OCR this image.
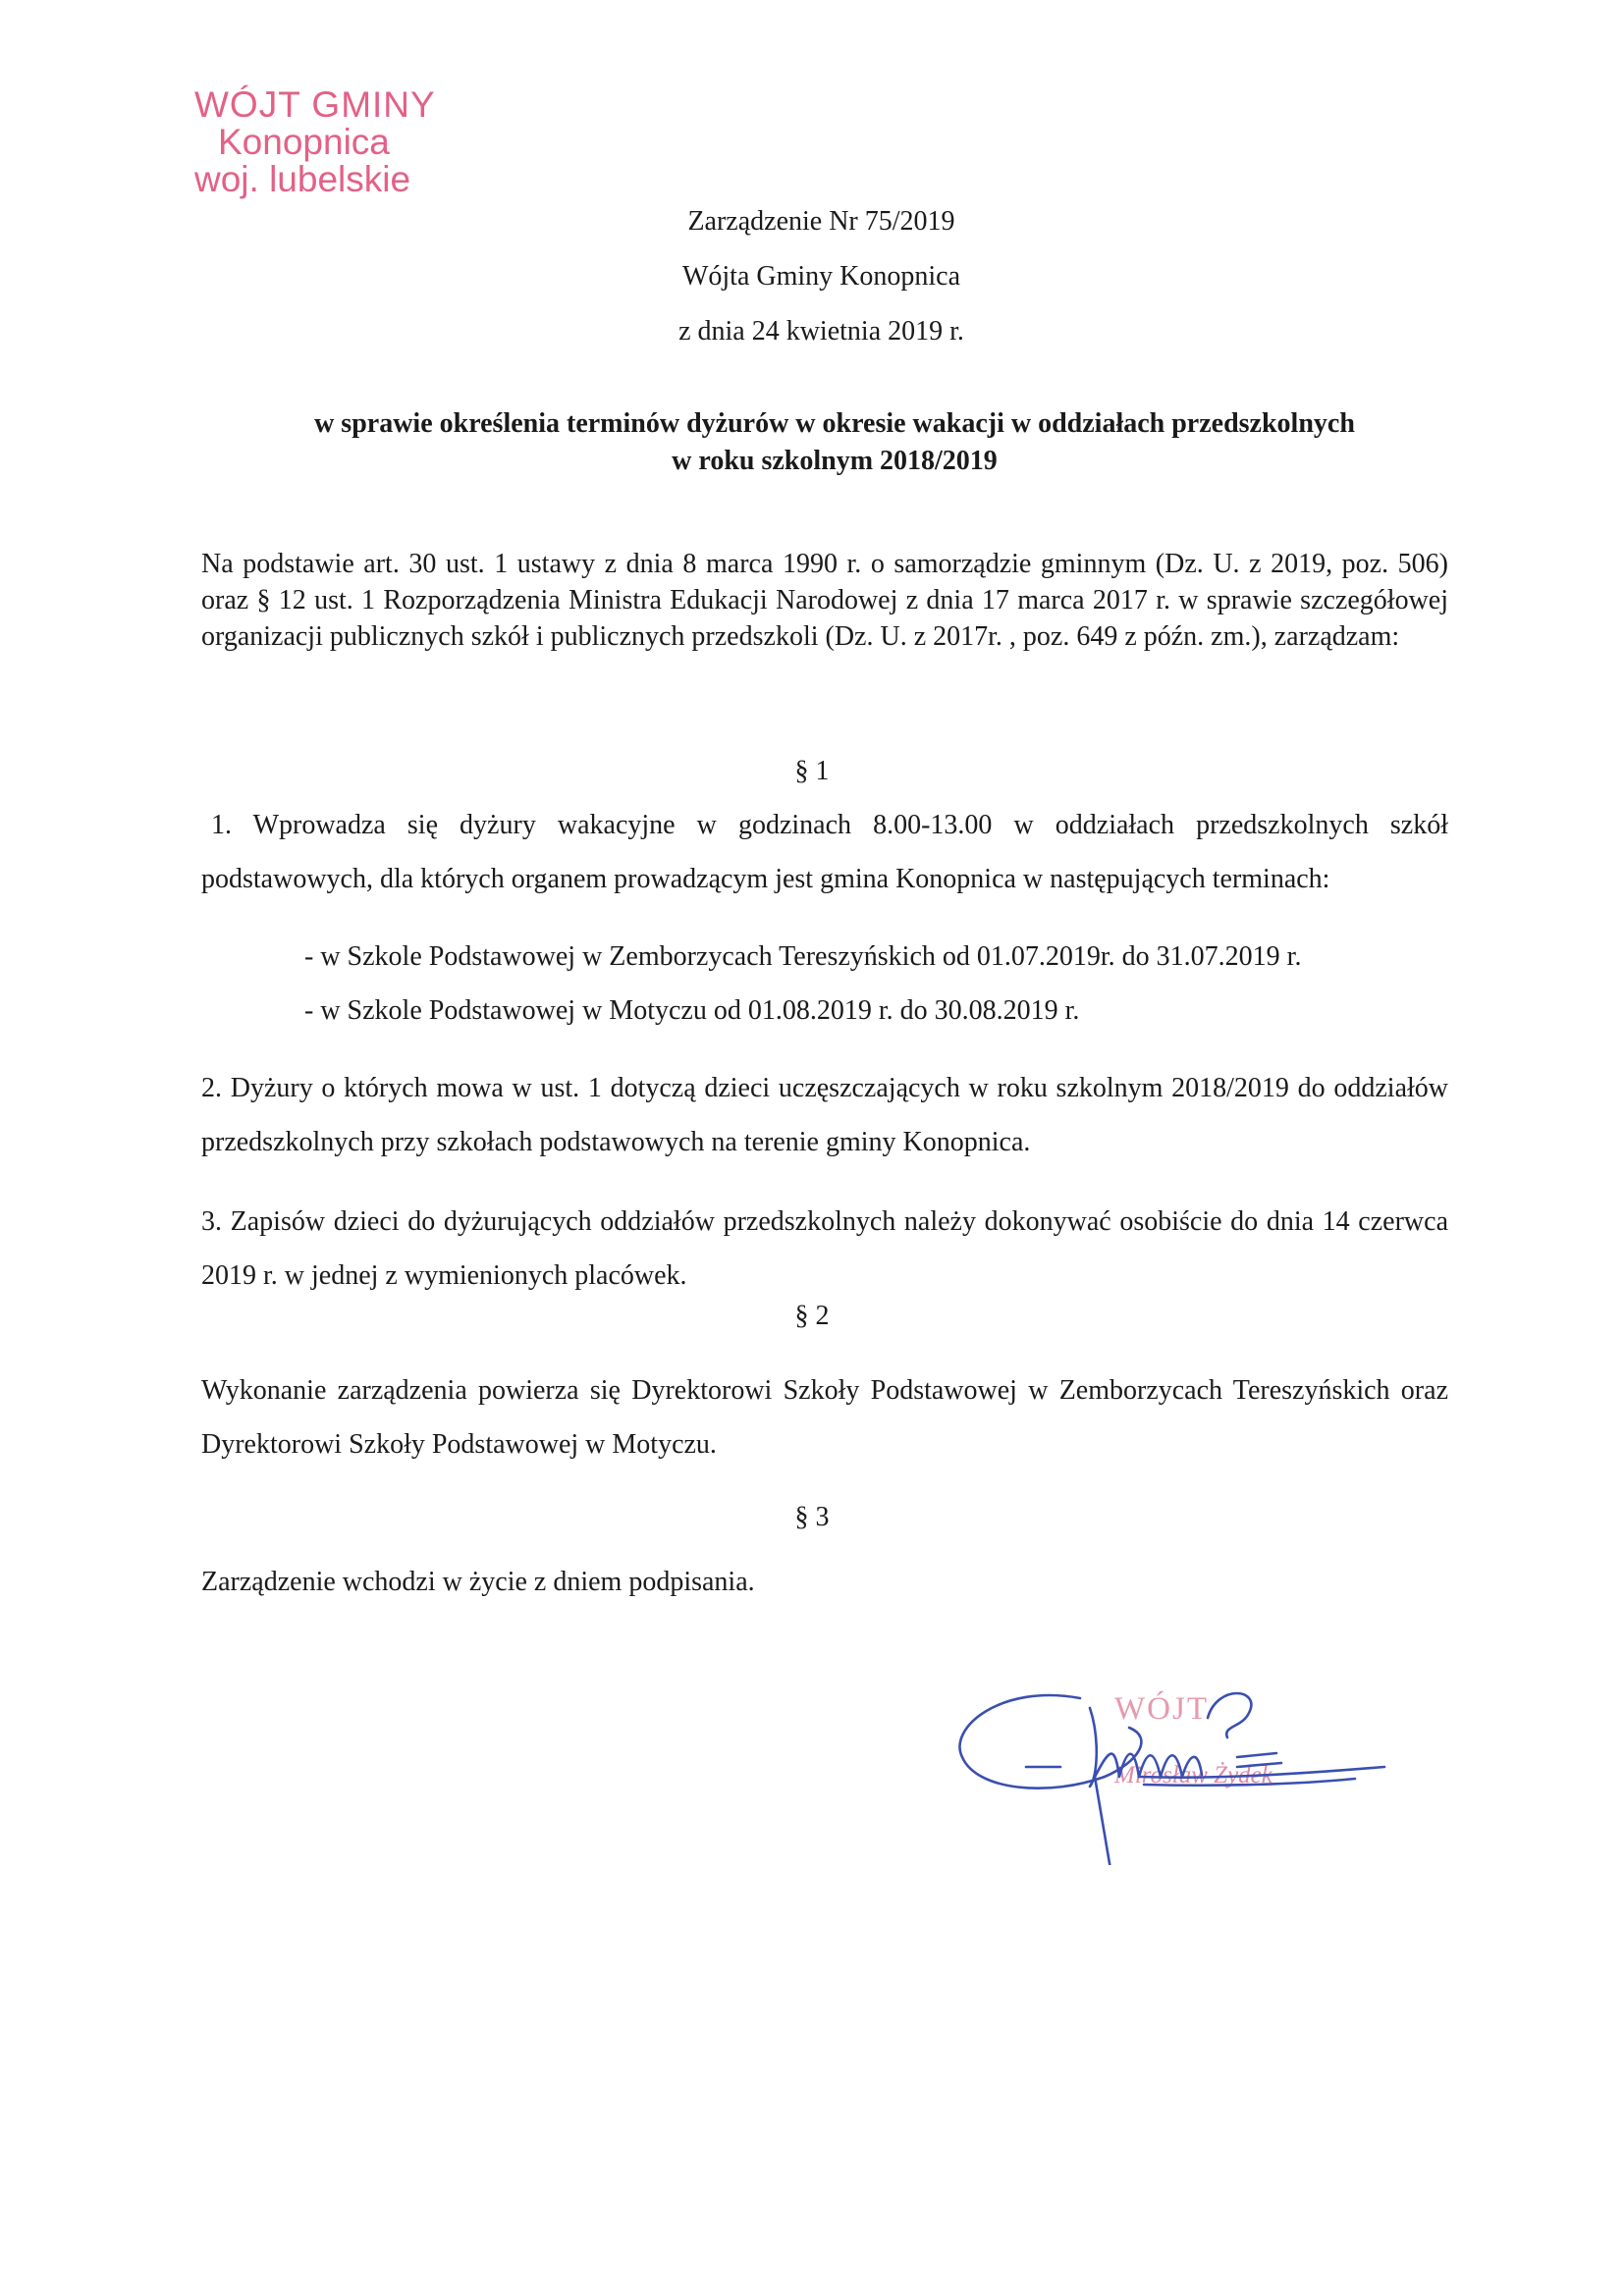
WÓJT GMINY
Konopnica
woj. lubelskie

Zarządzenie Nr 75/2019

Wójta Gminy Konopnica

z dnia 24 kwietnia 2019 r.

w sprawie określenia terminów dyżurów w okresie wakacji w oddziałach przedszkolnych
w roku szkolnym 2018/2019
Na podstawie art. 30 ust. 1 ustawy z dnia 8 marca 1990 r. o samorządzie gminnym (Dz. U. z 2019, poz. 506) oraz § 12 ust. 1 Rozporządzenia Ministra Edukacji Narodowej z dnia 17 marca 2017 r. w sprawie szczegółowej organizacji publicznych szkół i publicznych przedszkoli (Dz. U. z 2017r. , poz. 649 z późn. zm.), zarządzam:
§ 1
1. Wprowadza się dyżury wakacyjne w godzinach 8.00-13.00 w oddziałach przedszkolnych szkół podstawowych, dla których organem prowadzącym jest gmina Konopnica w następujących terminach:
- w Szkole Podstawowej w Zemborzycach Tereszyńskich od 01.07.2019r. do 31.07.2019 r.
- w Szkole Podstawowej w Motyczu od 01.08.2019 r. do 30.08.2019 r.
2. Dyżury o których mowa w ust. 1 dotyczą dzieci uczęszczających w roku szkolnym 2018/2019 do oddziałów przedszkolnych przy szkołach podstawowych na terenie gminy Konopnica.
3. Zapisów dzieci do dyżurujących oddziałów przedszkolnych należy dokonywać osobiście do dnia 14 czerwca 2019 r. w jednej z wymienionych placówek.
§ 2
Wykonanie zarządzenia powierza się Dyrektorowi Szkoły Podstawowej w Zemborzycach Tereszyńskich oraz Dyrektorowi Szkoły Podstawowej w Motyczu.
§ 3
Zarządzenie wchodzi w życie z dniem podpisania.
WÓJT
Mirosław Żydek
